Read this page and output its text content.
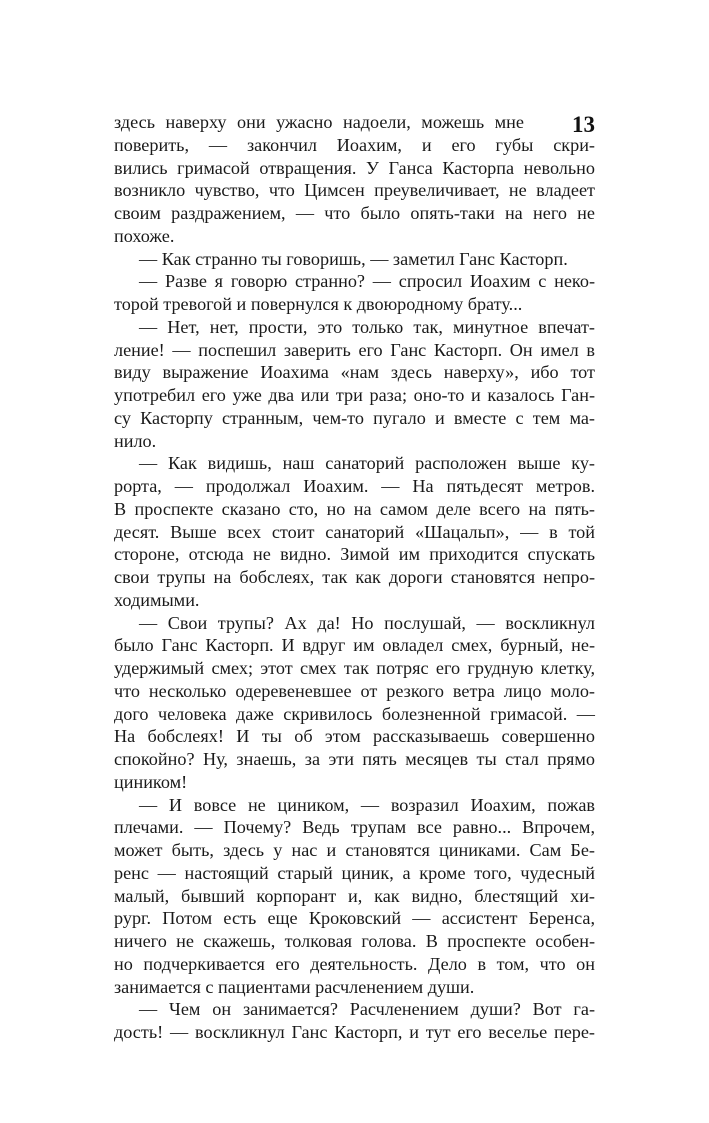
13
здесь наверху они ужасно надоели, можешь мне
поверить, — закончил Иоахим, и его губы скри-
вились гримасой отвращения. У Ганса Касторпа невольно
возникло чувство, что Цимсен преувеличивает, не владеет
своим раздражением, — что было опять-таки на него не
похоже.
— Как странно ты говоришь, — заметил Ганс Касторп.
— Разве я говорю странно? — спросил Иоахим с неко-
торой тревогой и повернулся к двоюродному брату...
— Нет, нет, прости, это только так, минутное впечат-
ление! — поспешил заверить его Ганс Касторп. Он имел в
виду выражение Иоахима «нам здесь наверху», ибо тот
употребил его уже два или три раза; оно-то и казалось Ган-
су Касторпу странным, чем-то пугало и вместе с тем ма-
нило.
— Как видишь, наш санаторий расположен выше ку-
рорта, — продолжал Иоахим. — На пятьдесят метров.
В проспекте сказано сто, но на самом деле всего на пять-
десят. Выше всех стоит санаторий «Шацальп», — в той
стороне, отсюда не видно. Зимой им приходится спускать
свои трупы на бобслеях, так как дороги становятся непро-
ходимыми.
— Свои трупы? Ах да! Но послушай, — воскликнул
было Ганс Касторп. И вдруг им овладел смех, бурный, не-
удержимый смех; этот смех так потряс его грудную клетку,
что несколько одеревеневшее от резкого ветра лицо моло-
дого человека даже скривилось болезненной гримасой. —
На бобслеях! И ты об этом рассказываешь совершенно
спокойно? Ну, знаешь, за эти пять месяцев ты стал прямо
циником!
— И вовсе не циником, — возразил Иоахим, пожав
плечами. — Почему? Ведь трупам все равно... Впрочем,
может быть, здесь у нас и становятся циниками. Сам Бе-
ренс — настоящий старый циник, а кроме того, чудесный
малый, бывший корпорант и, как видно, блестящий хи-
рург. Потом есть еще Кроковский — ассистент Беренса,
ничего не скажешь, толковая голова. В проспекте особен-
но подчеркивается его деятельность. Дело в том, что он
занимается с пациентами расчленением души.
— Чем он занимается? Расчленением души? Вот га-
дость! — воскликнул Ганс Касторп, и тут его веселье пере-
